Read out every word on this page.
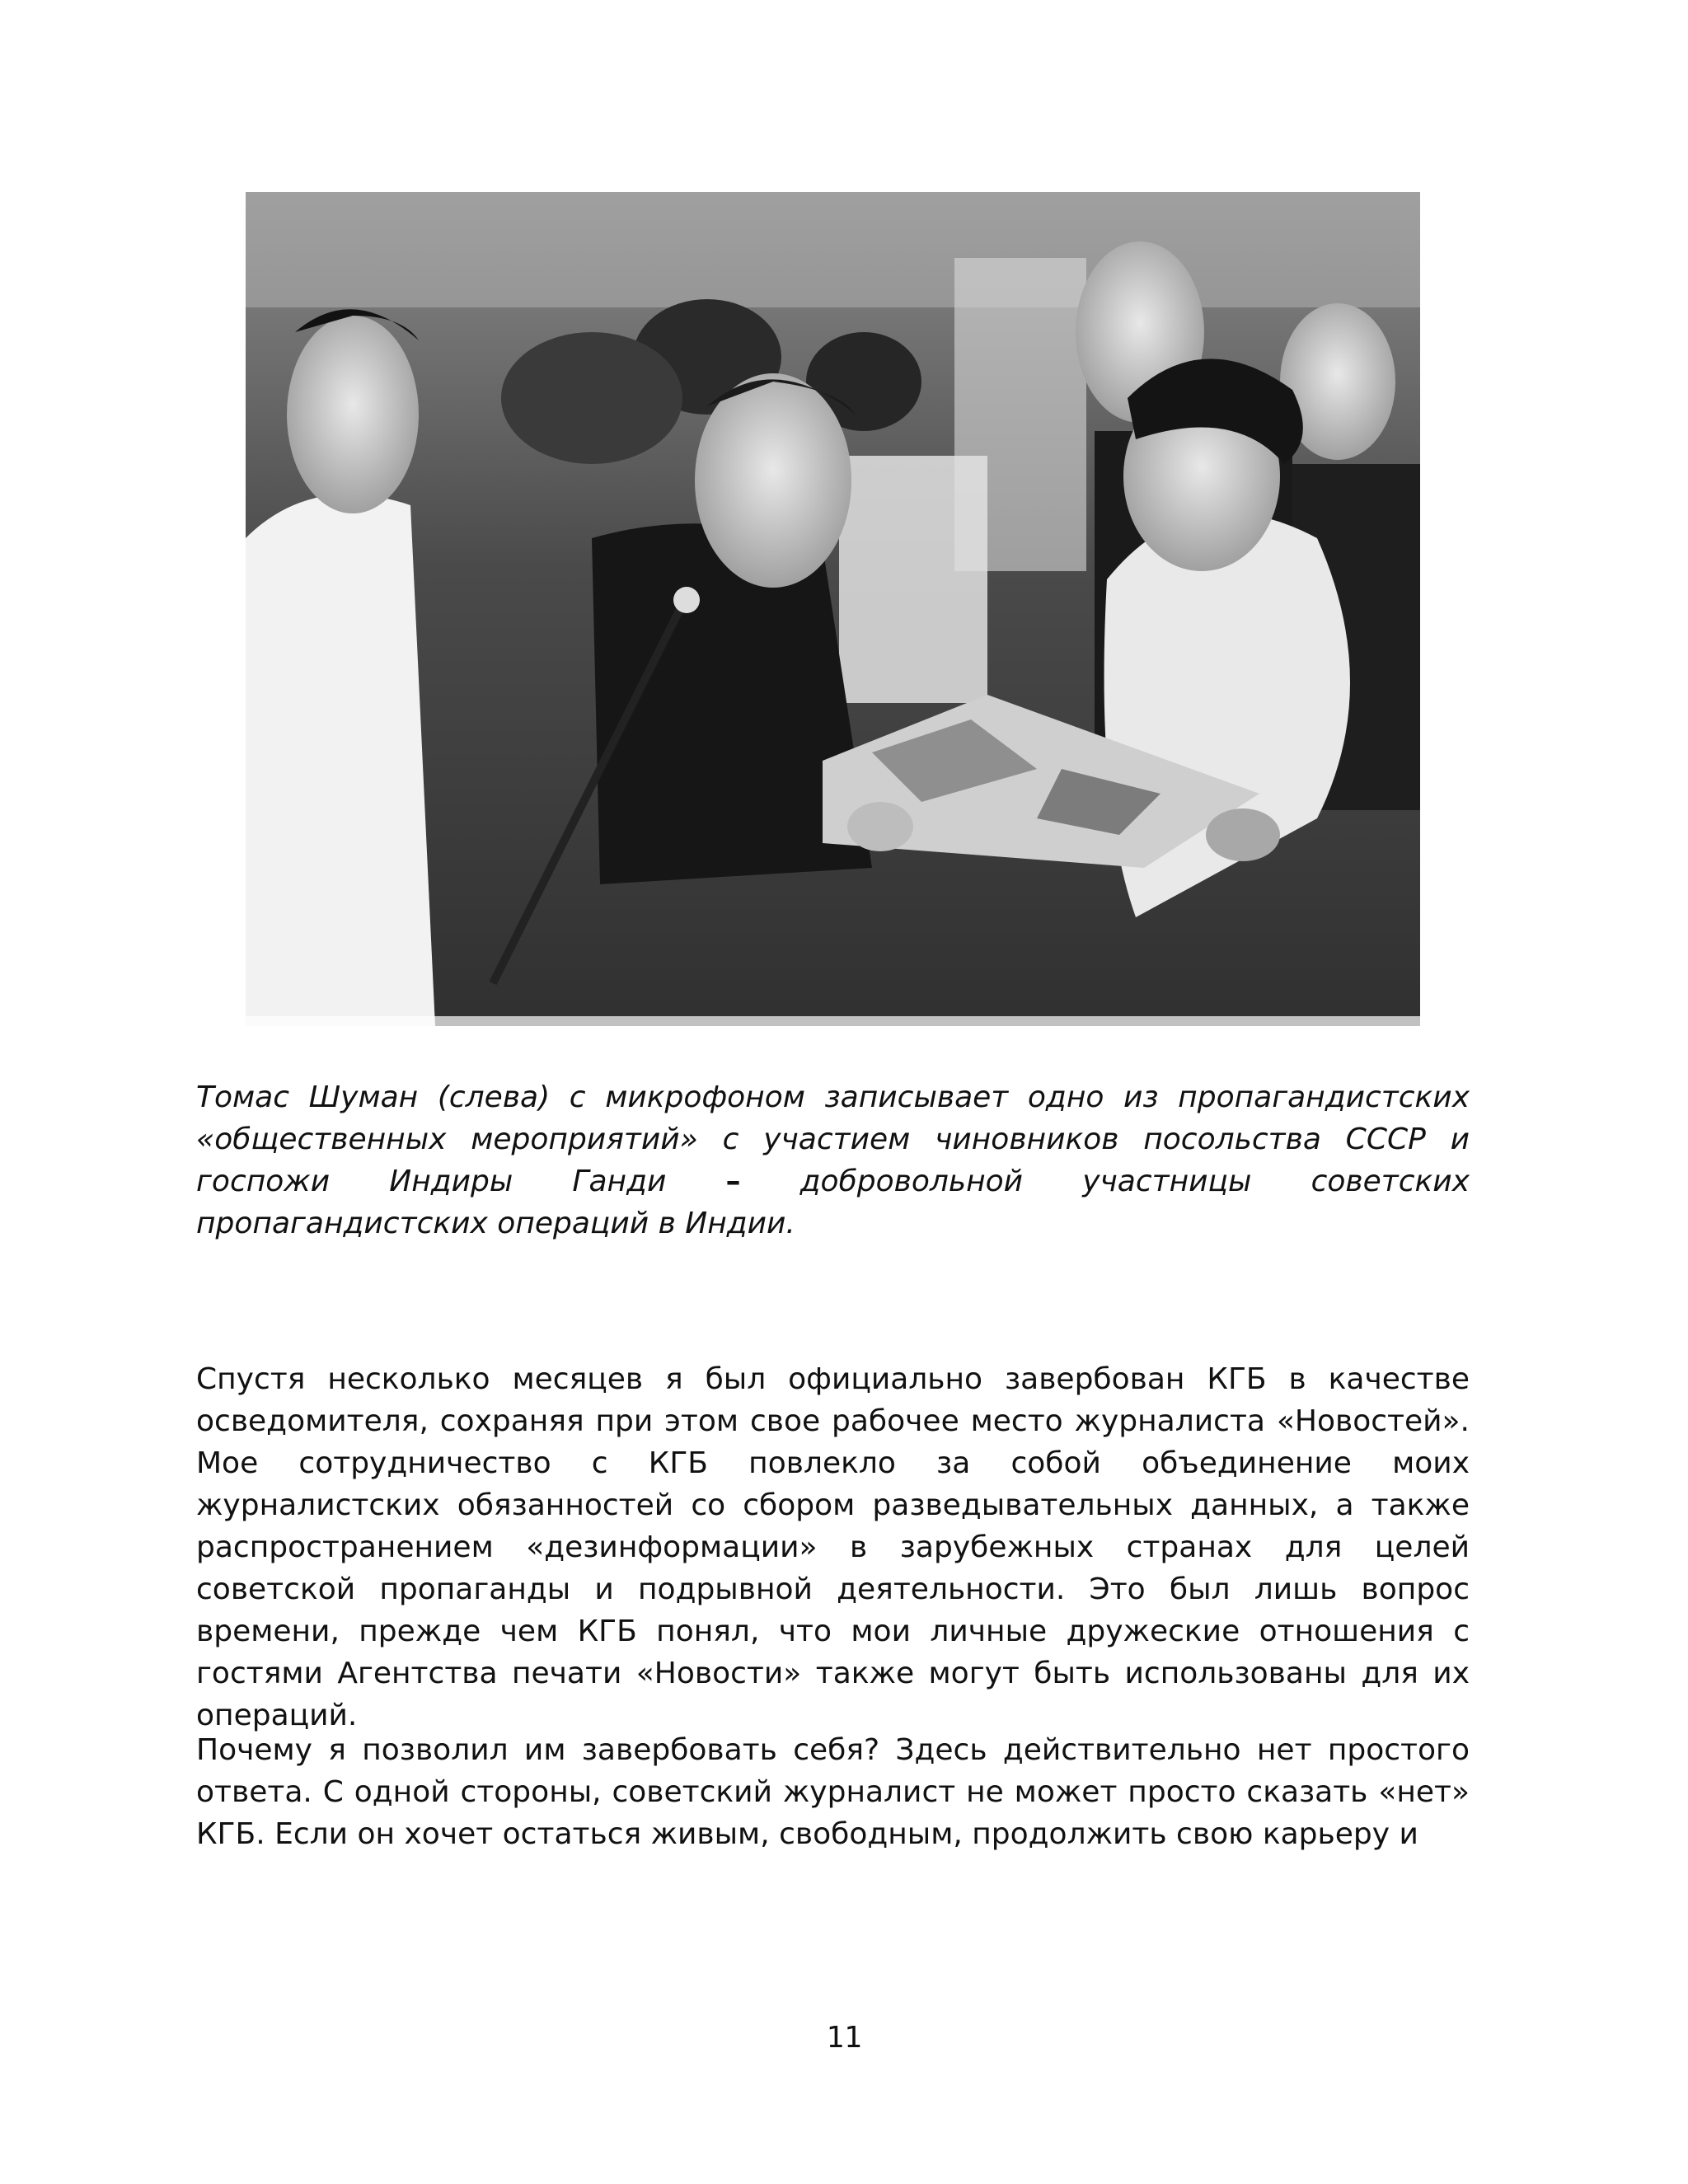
Томас Шуман (слева) с микрофоном записывает одно из пропагандистских «общественных мероприятий» с участием чиновников посольства СССР и госпожи Индиры Ганди – добровольной участницы советских пропагандистских операций в Индии.

Спустя несколько месяцев я был официально завербован КГБ в качестве осведомителя, сохраняя при этом свое рабочее место журналиста «Новостей». Мое сотрудничество с КГБ повлекло за собой объединение моих журналистских обязанностей со сбором разведывательных данных, а также распространением «дезинформации» в зарубежных странах для целей советской пропаганды и подрывной деятельности. Это был лишь вопрос времени, прежде чем КГБ понял, что мои личные дружеские отношения с гостями Агентства печати «Новости» также могут быть использованы для их операций.

Почему я позволил им завербовать себя? Здесь действительно нет простого ответа. С одной стороны, советский журналист не может просто сказать «нет» КГБ. Если он хочет остаться живым, свободным, продолжить свою карьеру и

11
